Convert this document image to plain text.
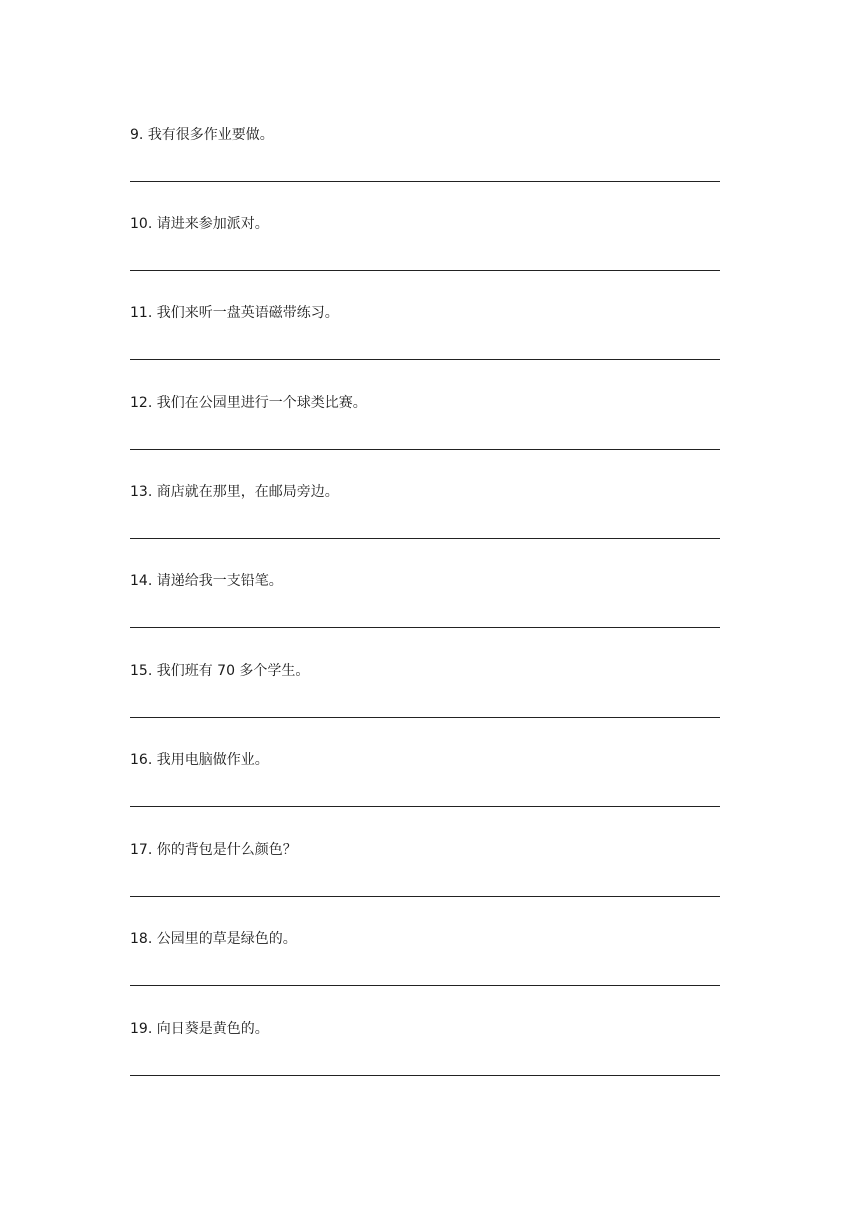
9. 我有很多作业要做。
10. 请进来参加派对。
11. 我们来听一盘英语磁带练习。
12. 我们在公园里进行一个球类比赛。
13. 商店就在那里，在邮局旁边。
14. 请递给我一支铅笔。
15. 我们班有 70 多个学生。
16. 我用电脑做作业。
17. 你的背包是什么颜色？
18. 公园里的草是绿色的。
19. 向日葵是黄色的。
